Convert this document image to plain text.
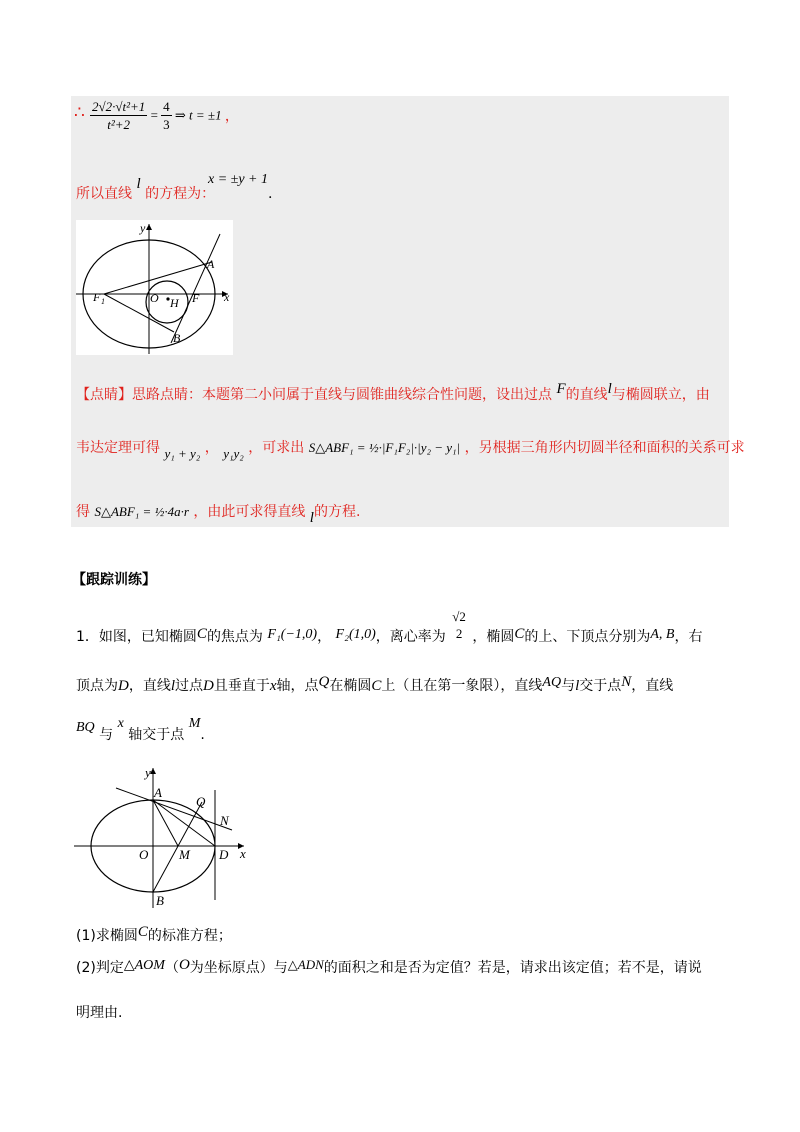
∴ $\frac{\text{2√2·√t²+1}}{\text{t²+2}} = \frac{4}{3}$ ⇒ t = ±1 ，
所以直线 l 的方程为：
x = ±y + 1
.
y
x
A
B
F 1	O H F
【点睛】思路点睛：本题第二小问属于直线与圆锥曲线综合性问题，设出过点 F的直线l与椭圆联立，由
韦达定理可得 y₁ + y₂ ， y₁y₂ ，可求出 S△ABF₁ = ½·|F₁F₂|·|y₂ − y₁| ，另根据三角形内切圆半径和面积的关系可求
得 S△ABF₁ = ½·4a·r ，由此可求得直线 l的方程.
【跟踪训练】
1．如图，已知椭圆C的焦点为 F₁(−1,0)， F₂(1,0)，离心率为
√2
2 ，椭圆C的上、下顶点分别为A, B，右
顶点为D，直线l过点D且垂直于x轴，点Q在椭圆C上（且在第一象限），直线AQ与l交于点N，直线
BQ 与 x 轴交于点 M.
y
x
A
B
Q
N
O M D
(1)求椭圆C的标准方程；
(2)判定△AOM（O为坐标原点）与△ADN的面积之和是否为定值？若是，请求出该定值；若不是，请说
明理由.
